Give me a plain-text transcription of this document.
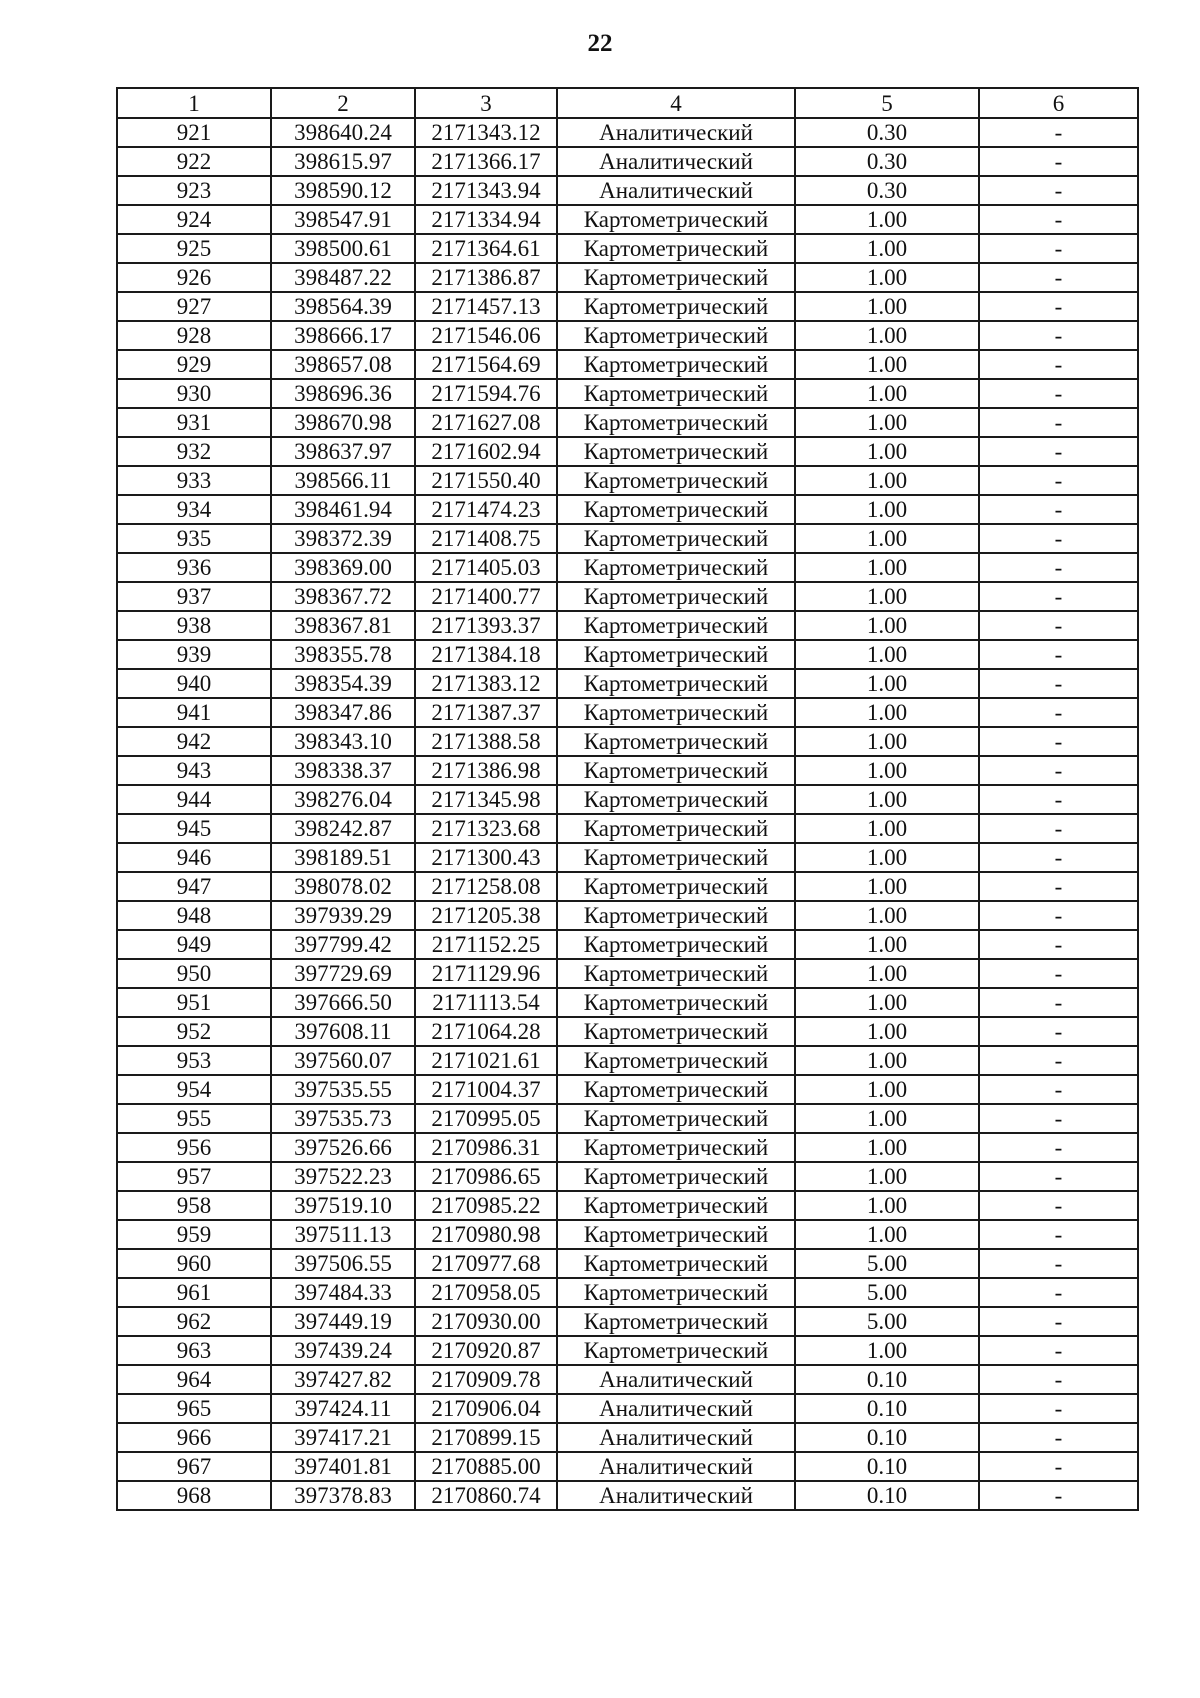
22
1	2	3	4	5	6
921	398640.24	2171343.12	Аналитический	0.30	-
922	398615.97	2171366.17	Аналитический	0.30	-
923	398590.12	2171343.94	Аналитический	0.30	-
924	398547.91	2171334.94	Картометрический	1.00	-
925	398500.61	2171364.61	Картометрический	1.00	-
926	398487.22	2171386.87	Картометрический	1.00	-
927	398564.39	2171457.13	Картометрический	1.00	-
928	398666.17	2171546.06	Картометрический	1.00	-
929	398657.08	2171564.69	Картометрический	1.00	-
930	398696.36	2171594.76	Картометрический	1.00	-
931	398670.98	2171627.08	Картометрический	1.00	-
932	398637.97	2171602.94	Картометрический	1.00	-
933	398566.11	2171550.40	Картометрический	1.00	-
934	398461.94	2171474.23	Картометрический	1.00	-
935	398372.39	2171408.75	Картометрический	1.00	-
936	398369.00	2171405.03	Картометрический	1.00	-
937	398367.72	2171400.77	Картометрический	1.00	-
938	398367.81	2171393.37	Картометрический	1.00	-
939	398355.78	2171384.18	Картометрический	1.00	-
940	398354.39	2171383.12	Картометрический	1.00	-
941	398347.86	2171387.37	Картометрический	1.00	-
942	398343.10	2171388.58	Картометрический	1.00	-
943	398338.37	2171386.98	Картометрический	1.00	-
944	398276.04	2171345.98	Картометрический	1.00	-
945	398242.87	2171323.68	Картометрический	1.00	-
946	398189.51	2171300.43	Картометрический	1.00	-
947	398078.02	2171258.08	Картометрический	1.00	-
948	397939.29	2171205.38	Картометрический	1.00	-
949	397799.42	2171152.25	Картометрический	1.00	-
950	397729.69	2171129.96	Картометрический	1.00	-
951	397666.50	2171113.54	Картометрический	1.00	-
952	397608.11	2171064.28	Картометрический	1.00	-
953	397560.07	2171021.61	Картометрический	1.00	-
954	397535.55	2171004.37	Картометрический	1.00	-
955	397535.73	2170995.05	Картометрический	1.00	-
956	397526.66	2170986.31	Картометрический	1.00	-
957	397522.23	2170986.65	Картометрический	1.00	-
958	397519.10	2170985.22	Картометрический	1.00	-
959	397511.13	2170980.98	Картометрический	1.00	-
960	397506.55	2170977.68	Картометрический	5.00	-
961	397484.33	2170958.05	Картометрический	5.00	-
962	397449.19	2170930.00	Картометрический	5.00	-
963	397439.24	2170920.87	Картометрический	1.00	-
964	397427.82	2170909.78	Аналитический	0.10	-
965	397424.11	2170906.04	Аналитический	0.10	-
966	397417.21	2170899.15	Аналитический	0.10	-
967	397401.81	2170885.00	Аналитический	0.10	-
968	397378.83	2170860.74	Аналитический	0.10	-
